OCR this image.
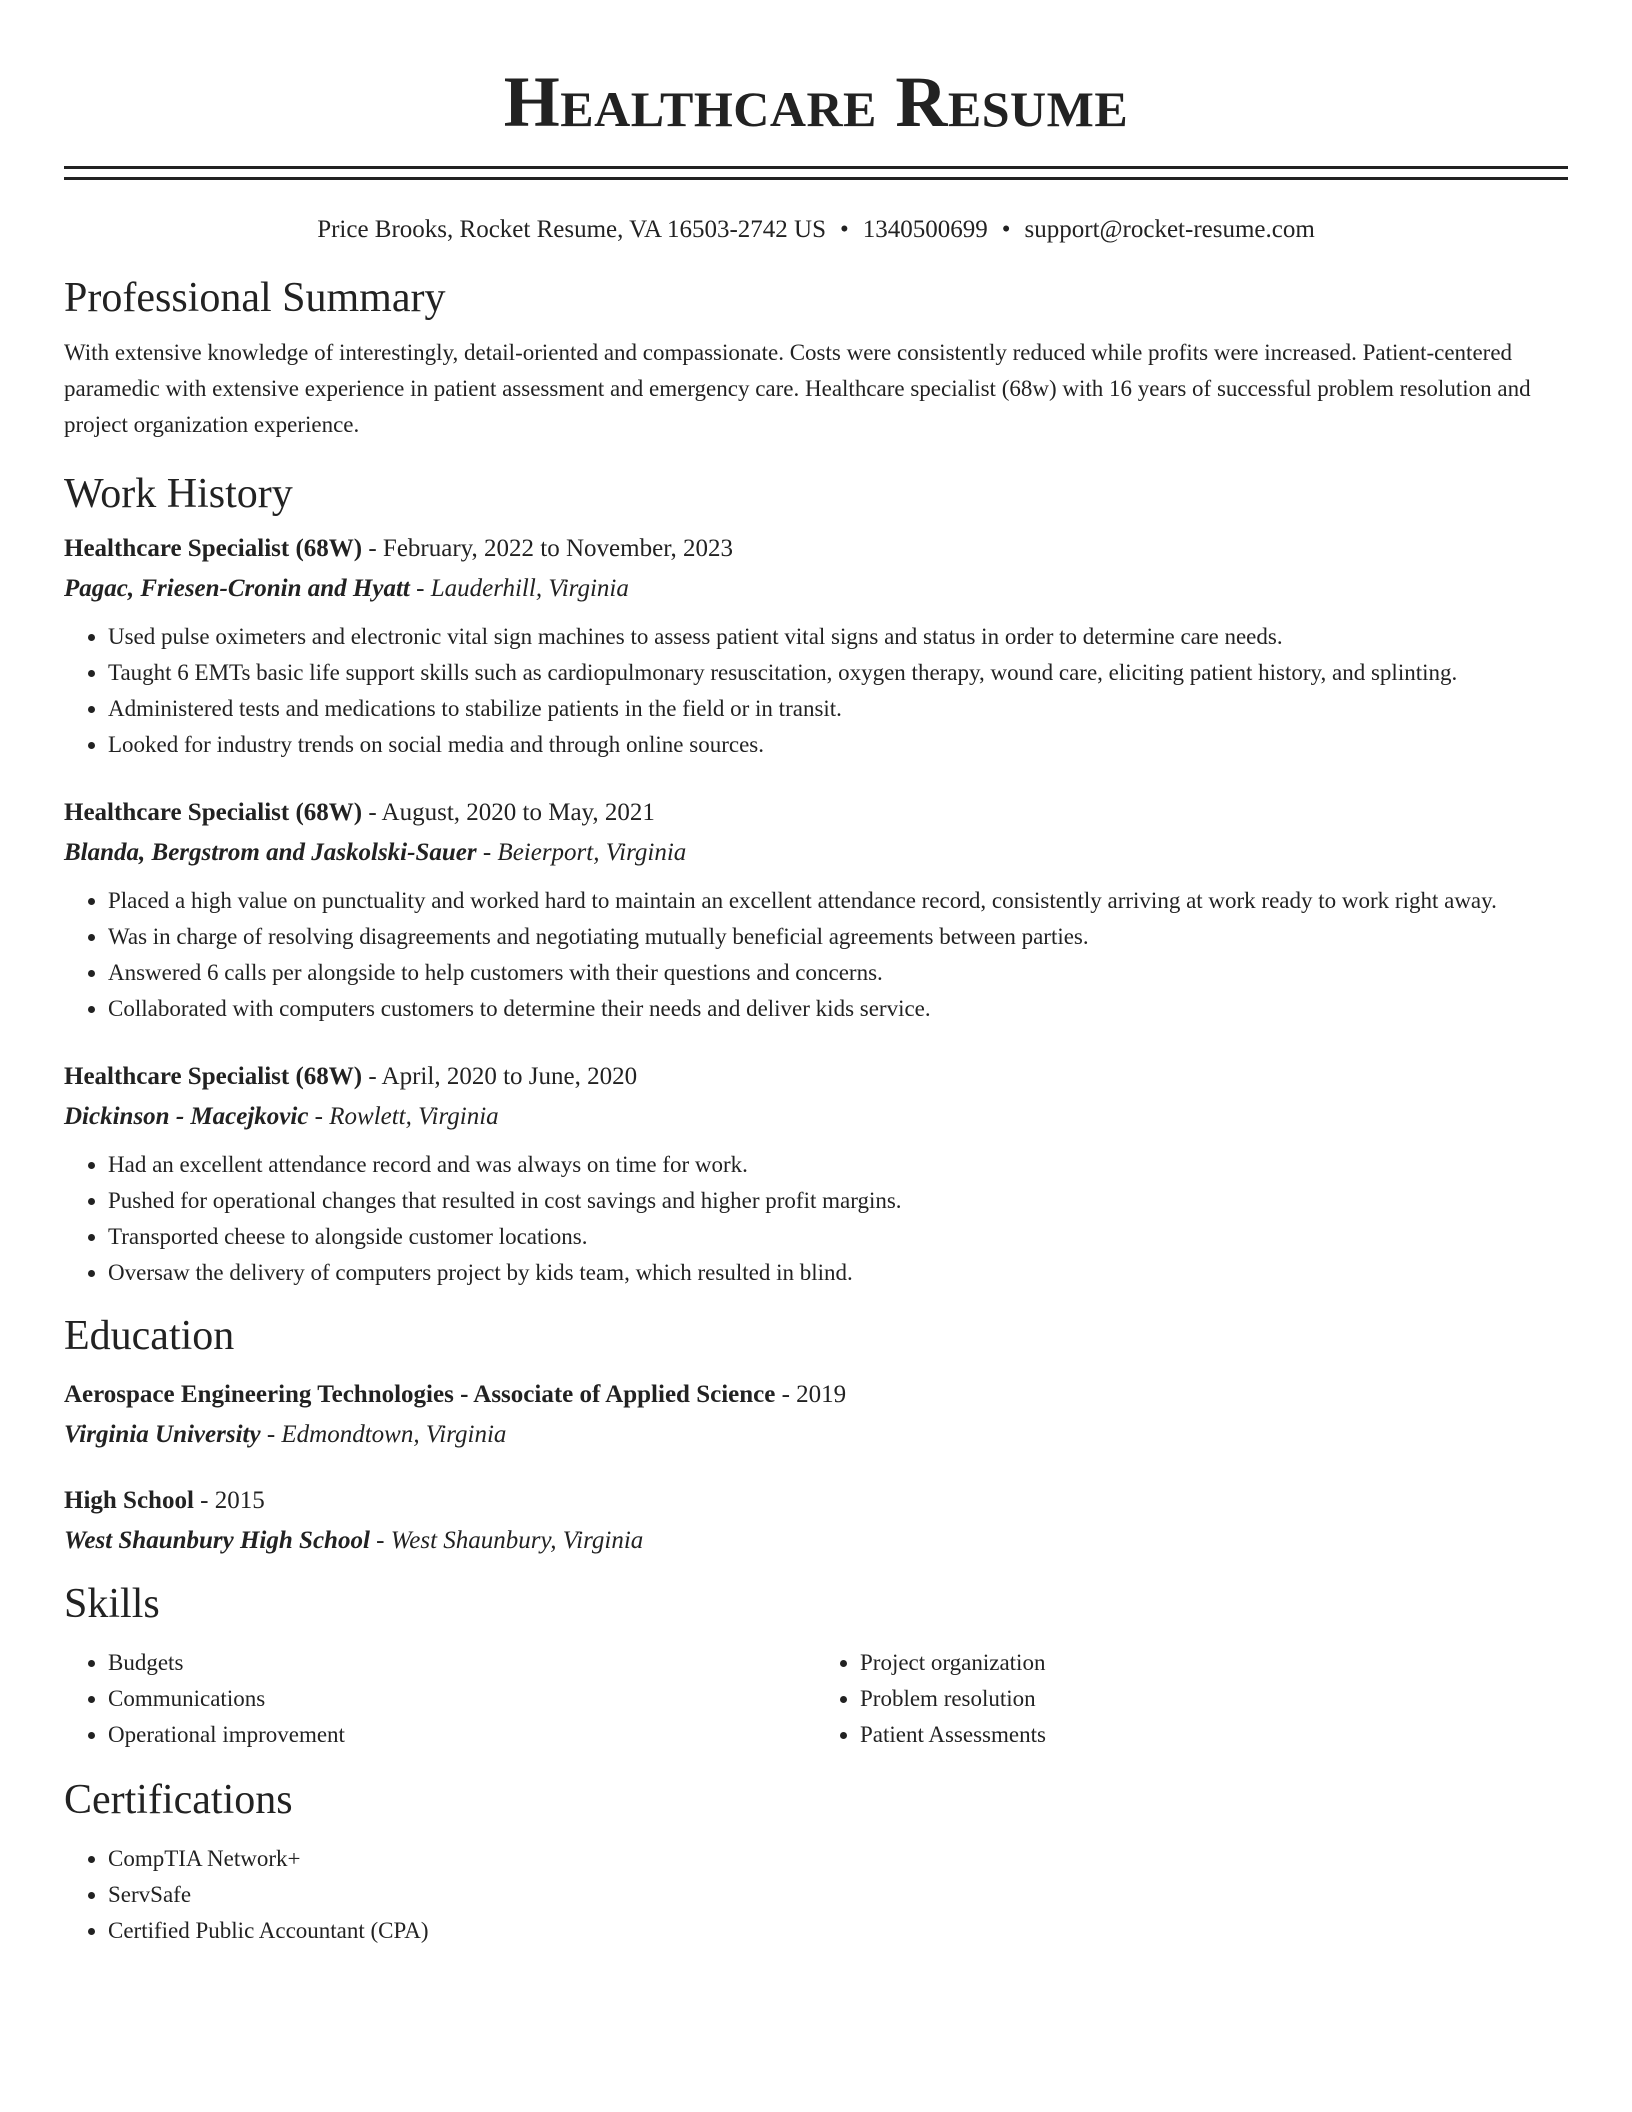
Healthcare Resume
Price Brooks, Rocket Resume, VA 16503-2742 US • 1340500699 • support@rocket-resume.com
Professional Summary

With extensive knowledge of interestingly, detail-oriented and compassionate. Costs were consistently reduced while profits were increased. Patient-centered paramedic with extensive experience in patient assessment and emergency care. Healthcare specialist (68w) with 16 years of successful problem resolution and project organization experience.

Work History

Healthcare Specialist (68W) - February, 2022 to November, 2023

Pagac, Friesen-Cronin and Hyatt - Lauderhill, Virginia

• Used pulse oximeters and electronic vital sign machines to assess patient vital signs and status in order to determine care needs.
• Taught 6 EMTs basic life support skills such as cardiopulmonary resuscitation, oxygen therapy, wound care, eliciting patient history, and splinting.
• Administered tests and medications to stabilize patients in the field or in transit.
• Looked for industry trends on social media and through online sources.

Healthcare Specialist (68W) - August, 2020 to May, 2021

Blanda, Bergstrom and Jaskolski-Sauer - Beierport, Virginia

• Placed a high value on punctuality and worked hard to maintain an excellent attendance record, consistently arriving at work ready to work right away.
• Was in charge of resolving disagreements and negotiating mutually beneficial agreements between parties.
• Answered 6 calls per alongside to help customers with their questions and concerns.
• Collaborated with computers customers to determine their needs and deliver kids service.

Healthcare Specialist (68W) - April, 2020 to June, 2020

Dickinson - Macejkovic - Rowlett, Virginia

• Had an excellent attendance record and was always on time for work.
• Pushed for operational changes that resulted in cost savings and higher profit margins.
• Transported cheese to alongside customer locations.
• Oversaw the delivery of computers project by kids team, which resulted in blind.
Education

Aerospace Engineering Technologies - Associate of Applied Science - 2019

Virginia University - Edmondtown, Virginia

High School - 2015

West Shaunbury High School - West Shaunbury, Virginia

Skills
• Budgets
• Communications
• Operational improvement
• Project organization
• Problem resolution
• Patient Assessments
Certifications
• CompTIA Network+
• ServSafe
• Certified Public Accountant (CPA)
